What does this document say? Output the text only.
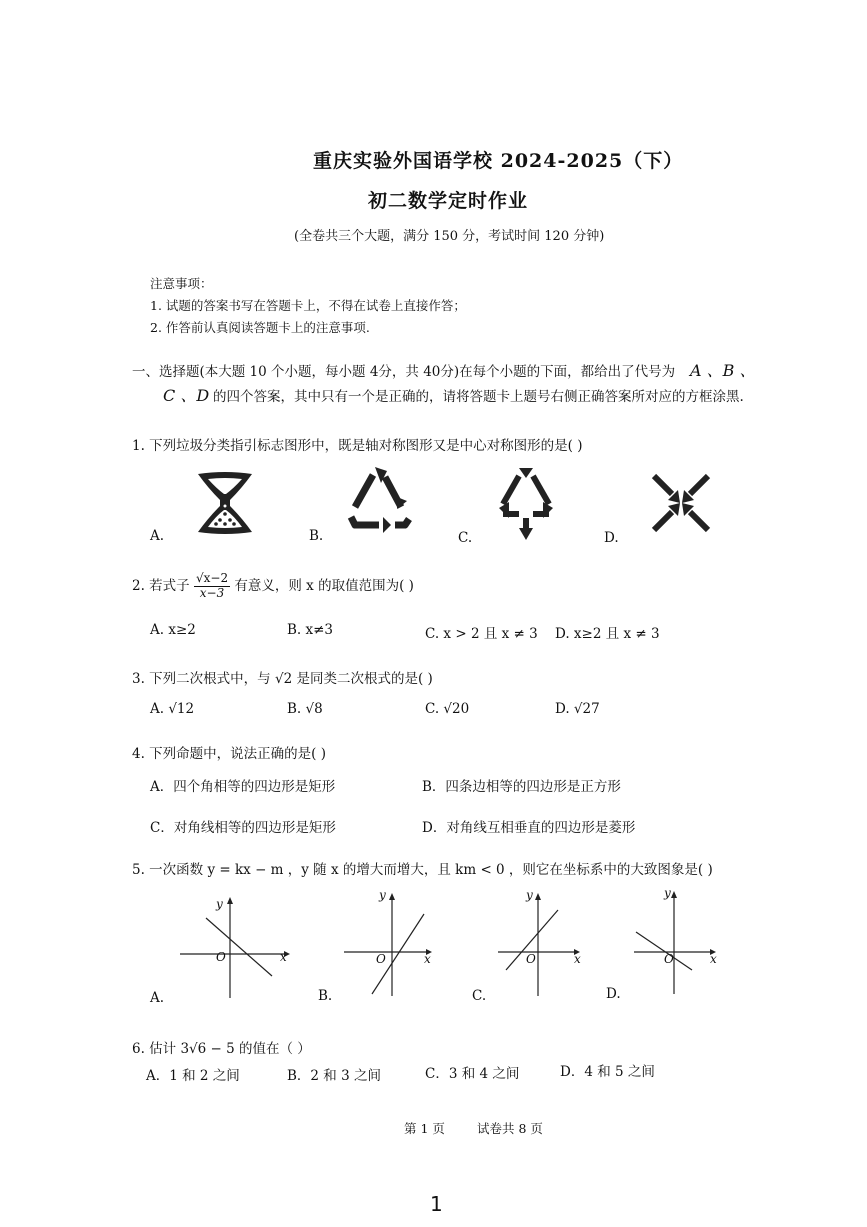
重庆实验外国语学校 2024-2025（下）
初二数学定时作业
(全卷共三个大题，满分 150 分，考试时间 120 分钟)
注意事项：
1. 试题的答案书写在答题卡上，不得在试卷上直接作答；
2. 作答前认真阅读答题卡上的注意事项.
一、选择题(本大题 10 个小题，每小题 4分，共 40分)在每个小题的下面，都给出了代号为 A 、B 、
C 、D 的四个答案，其中只有一个是正确的，请将答题卡上题号右侧正确答案所对应的方框涂黑.
1. 下列垃圾分类指引标志图形中，既是轴对称图形又是中心对称图形的是( )
A.	B.	C.	D.
2. 若式子 $\frac{√x-2}{x-3}$ 有意义，则 x 的取值范围为( )
A. x≥2	B. x≠3	C. x > 2 且 x ≠ 3 D. x≥2 且 x ≠ 3
3. 下列二次根式中，与 √2 是同类二次根式的是( )
A. √12	B. √8	C. √20	D. √27
4. 下列命题中，说法正确的是( )
A．四个角相等的四边形是矩形	B．四条边相等的四边形是正方形
C．对角线相等的四边形是矩形	D．对角线互相垂直的四边形是菱形
5. 一次函数 y = kx − m ，y 随 x 的增大而增大，且 km < 0 ，则它在坐标系中的大致图象是( )
y
x
O
A.
y
x
O
B.
y
x
O
C.
y
x
O
D.
6. 估计 3√6 − 5 的值在（ ）
A．1 和 2 之间	B．2 和 3 之间	C．3 和 4 之间	D．4 和 5 之间
第 1 页	试卷共 8 页
1
